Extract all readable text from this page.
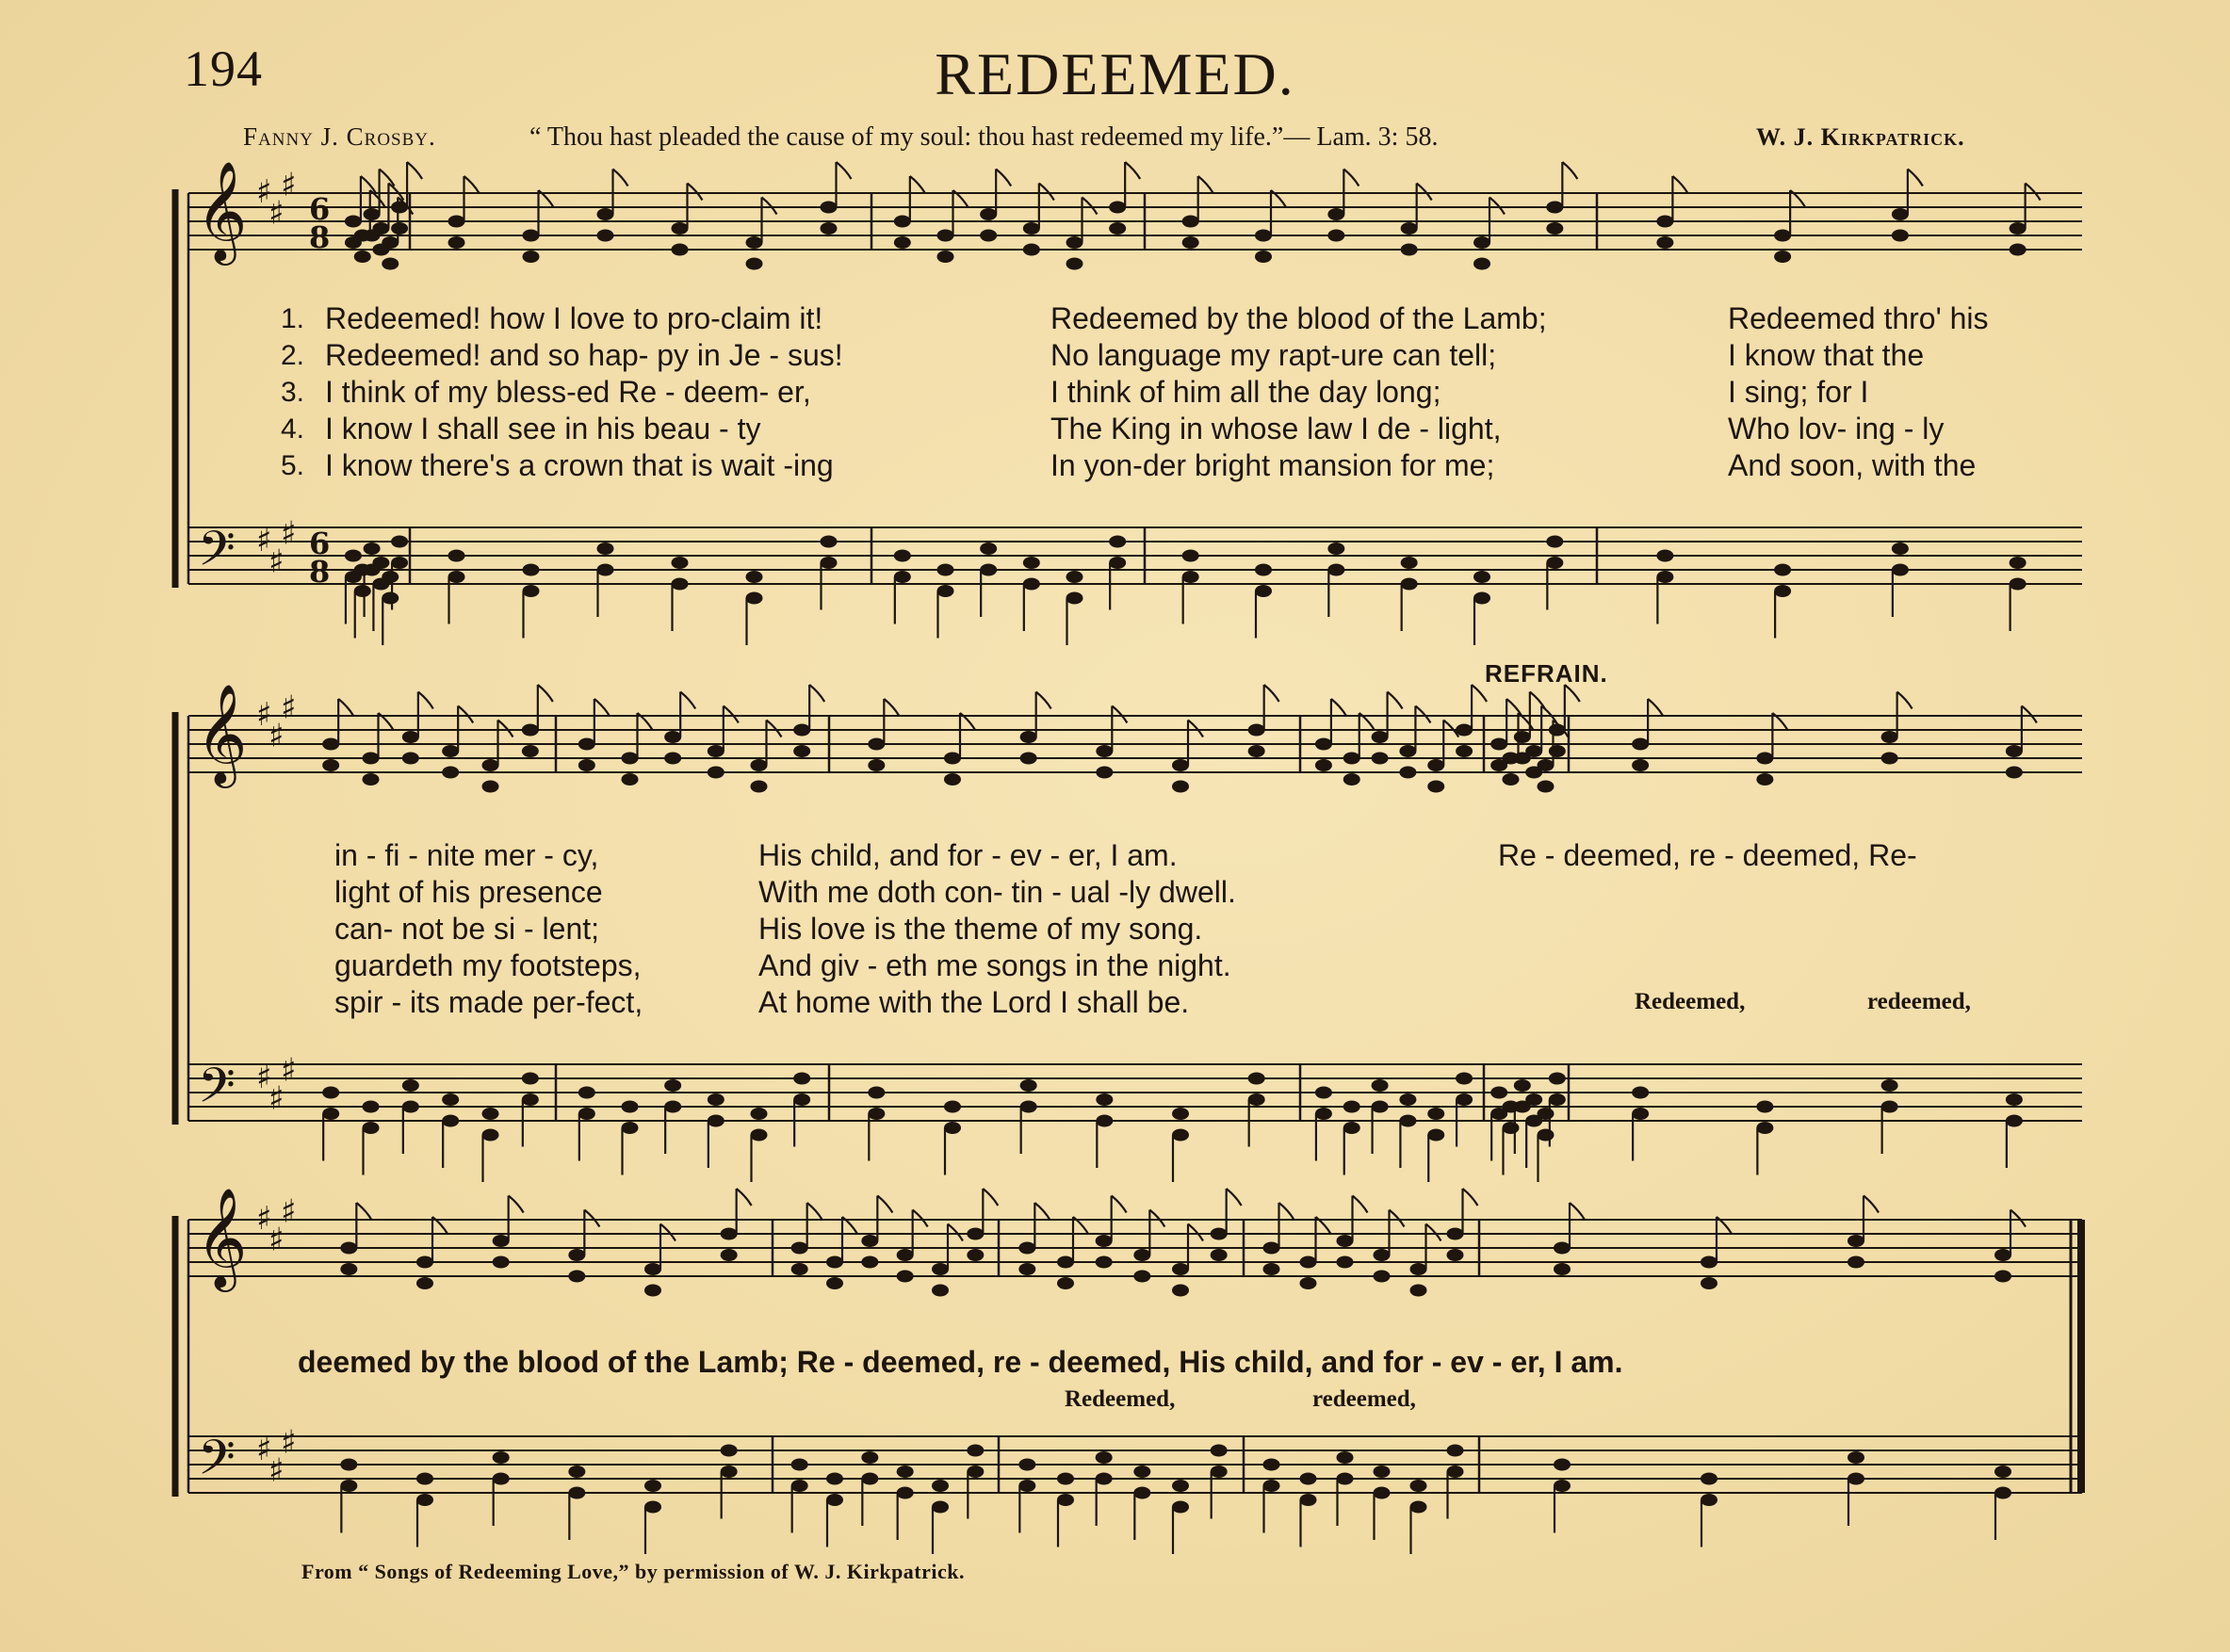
194	REDEEMED.
Fanny J. Crosby.	“ Thou hast pleaded the cause of my soul: thou hast redeemed my life.”— Lam. 3: 58.	W. J. Kirkpatrick.
𝄞
𝄢
♯
♯
♯
♯
♯
♯
6
8
6
8
𝄞
𝄢
♯
♯
♯
♯
♯
♯
𝄞
𝄢
♯
♯
♯
♯
♯
♯
1.
2.
3.
4.
5.
Redeemed! how I love to pro-claim it!
Redeemed! and so hap- py in Je - sus!
I think of my bless-ed Re - deem- er,
I know I shall see in his beau - ty
I know there's a crown that is wait -ing
Redeemed by the blood of the Lamb;
No language my rapt-ure can tell;
I think of him all the day long;
The King in whose law I de - light,
In yon-der bright mansion for me;
Redeemed thro' his
I know that the
I sing; for I
Who lov- ing - ly
And soon, with the
in - fi - nite mer - cy,
light of his presence
can- not be si - lent;
guardeth my footsteps,
spir - its made per-fect,
His child, and for - ev - er, I am.
With me doth con- tin - ual -ly dwell.
His love is the theme of my song.
And giv - eth me songs in the night.
At home with the Lord I shall be.
REFRAIN.
Re - deemed, re - deemed, Re-
Redeemed,	redeemed,
deemed by the blood of the Lamb; Re - deemed, re - deemed, His child, and for - ev - er, I am.
Redeemed,	redeemed,
From “ Songs of Redeeming Love,” by permission of W. J. Kirkpatrick.
